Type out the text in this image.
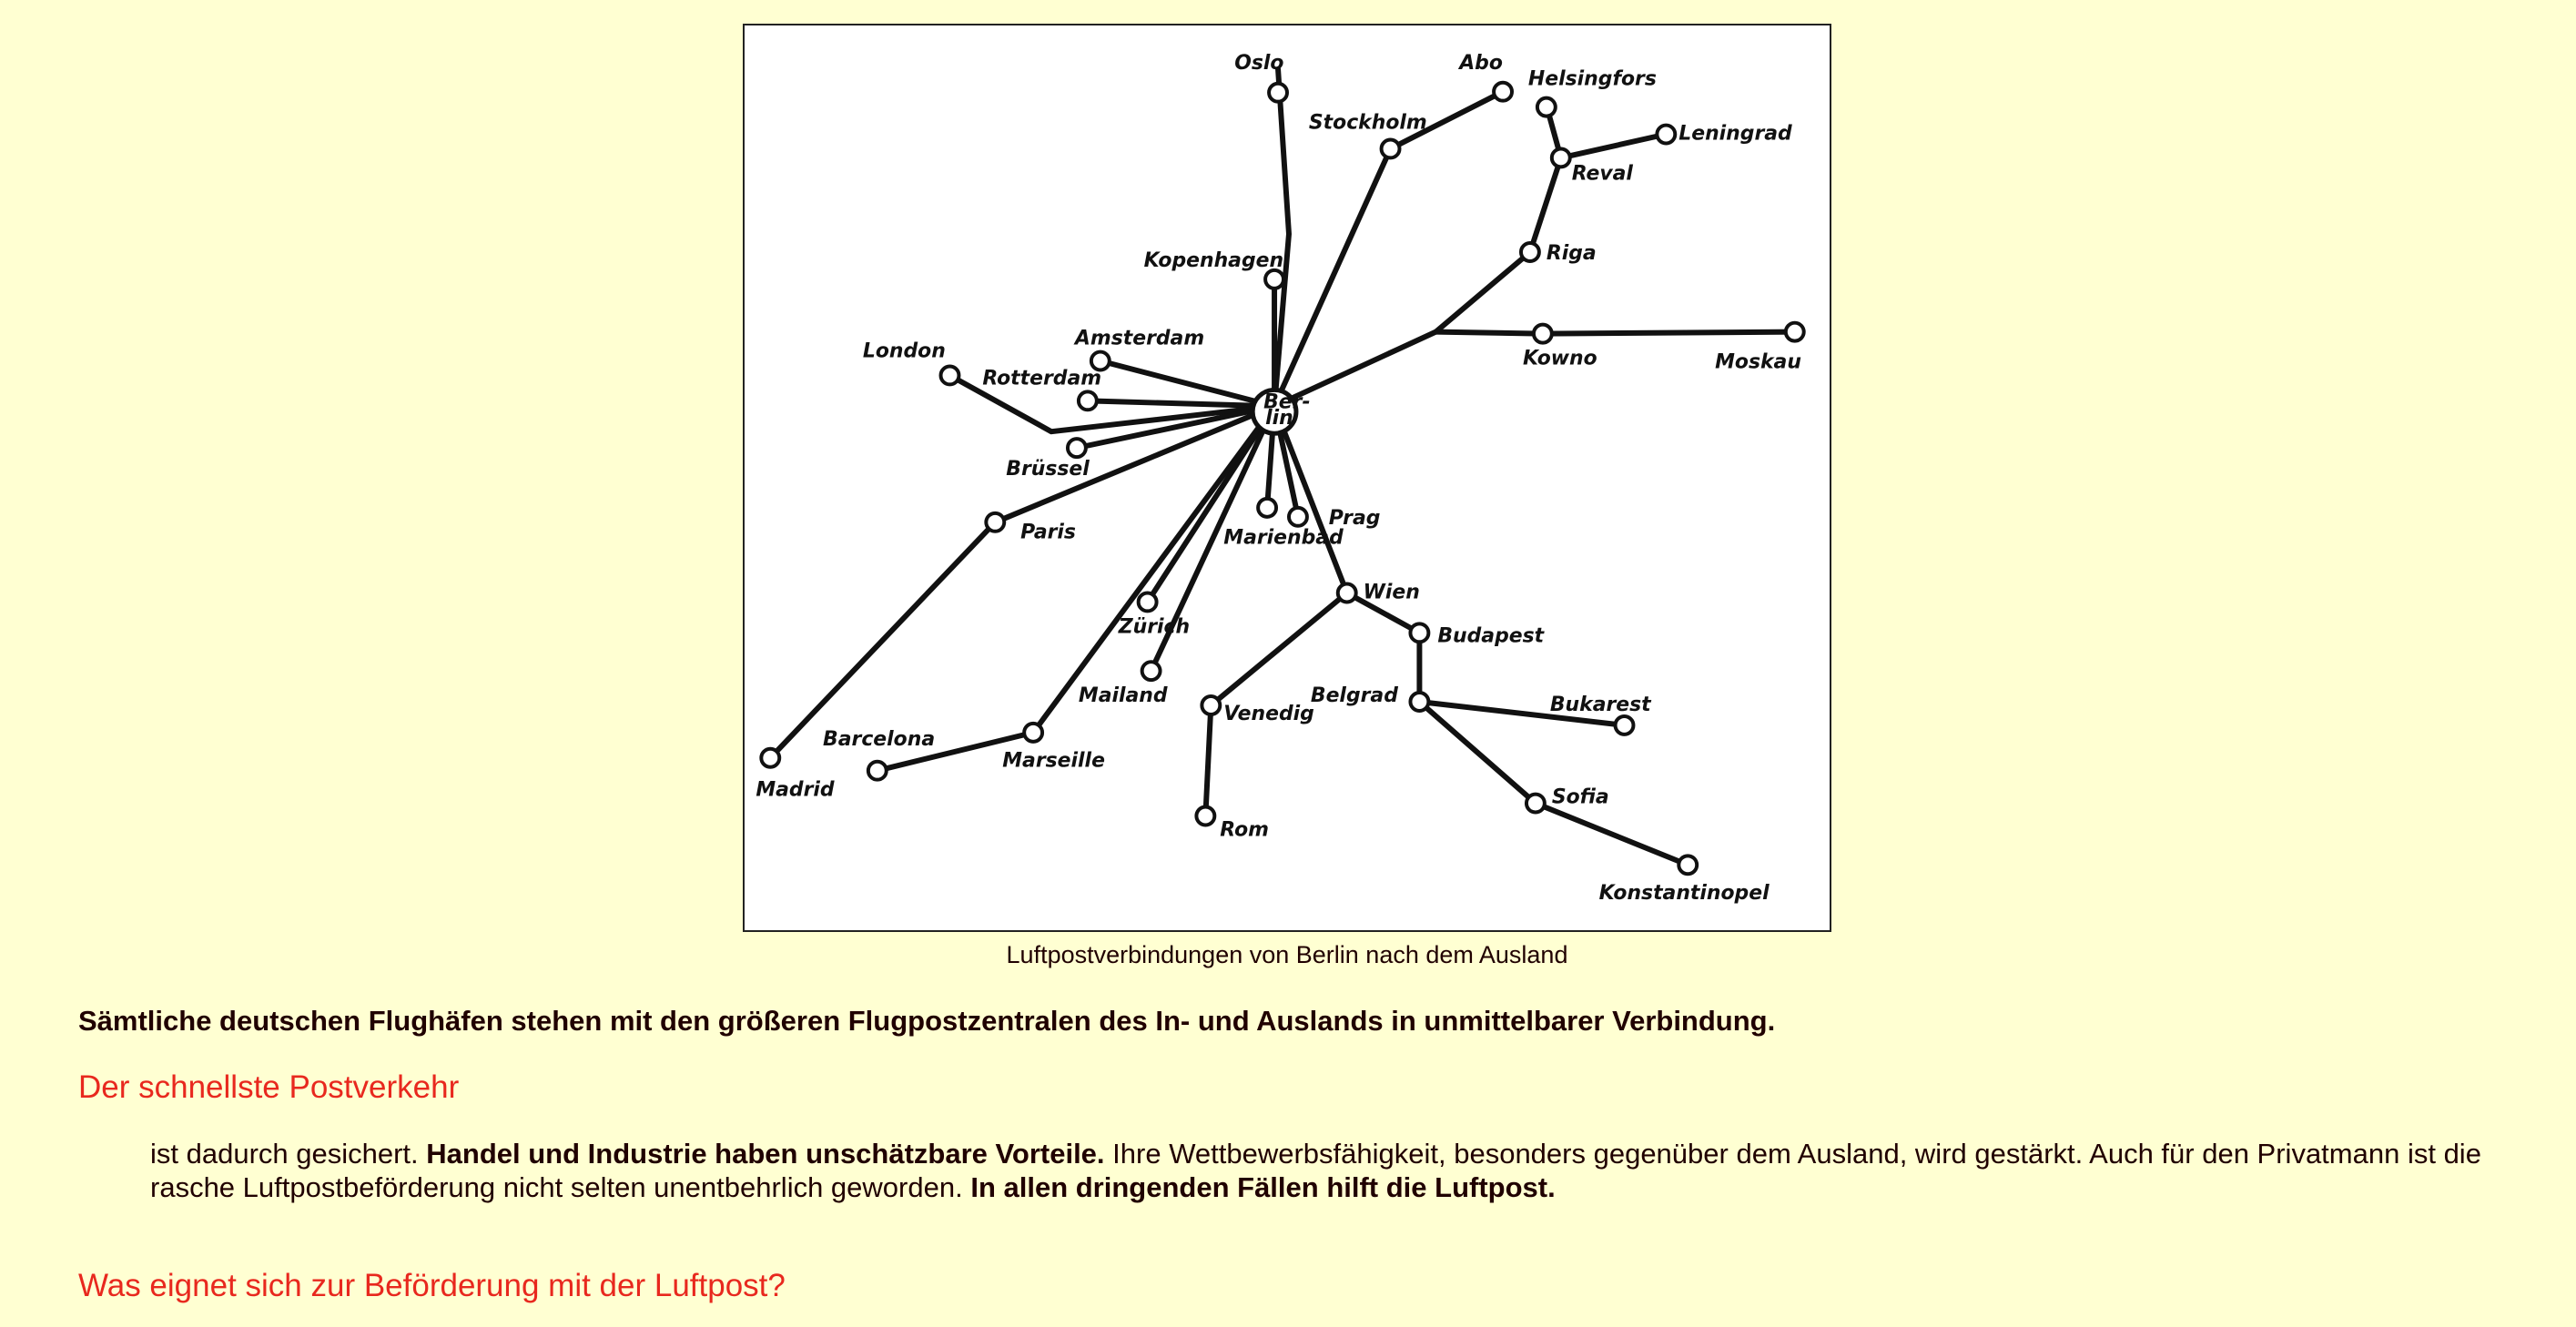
Ber-
lin
Oslo	Abo
Helsingfors
Stockholm	Leningrad
Reval
Riga
Kopenhagen
Kowno	Moskau
Amsterdam
London
Rotterdam
Brüssel
Paris
Prag
Marienbad
Wien
Zürich	Budapest
Mailand	Belgrad
Venedig	Bukarest
Barcelona
Marseille
Madrid	Sofia
Rom
Konstantinopel
Luftpostverbindungen von Berlin nach dem Ausland
Sämtliche deutschen Flughäfen stehen mit den größeren Flugpostzentralen des In- und Auslands in unmittelbarer Verbindung.
Der schnellste Postverkehr
ist dadurch gesichert. Handel und Industrie haben unschätzbare Vorteile. Ihre Wettbewerbsfähigkeit, besonders gegenüber dem Ausland, wird gestärkt. Auch für den Privatmann ist die rasche Luftpostbeförderung nicht selten unentbehrlich geworden. In allen dringenden Fällen hilft die Luftpost.
Was eignet sich zur Beförderung mit der Luftpost?
